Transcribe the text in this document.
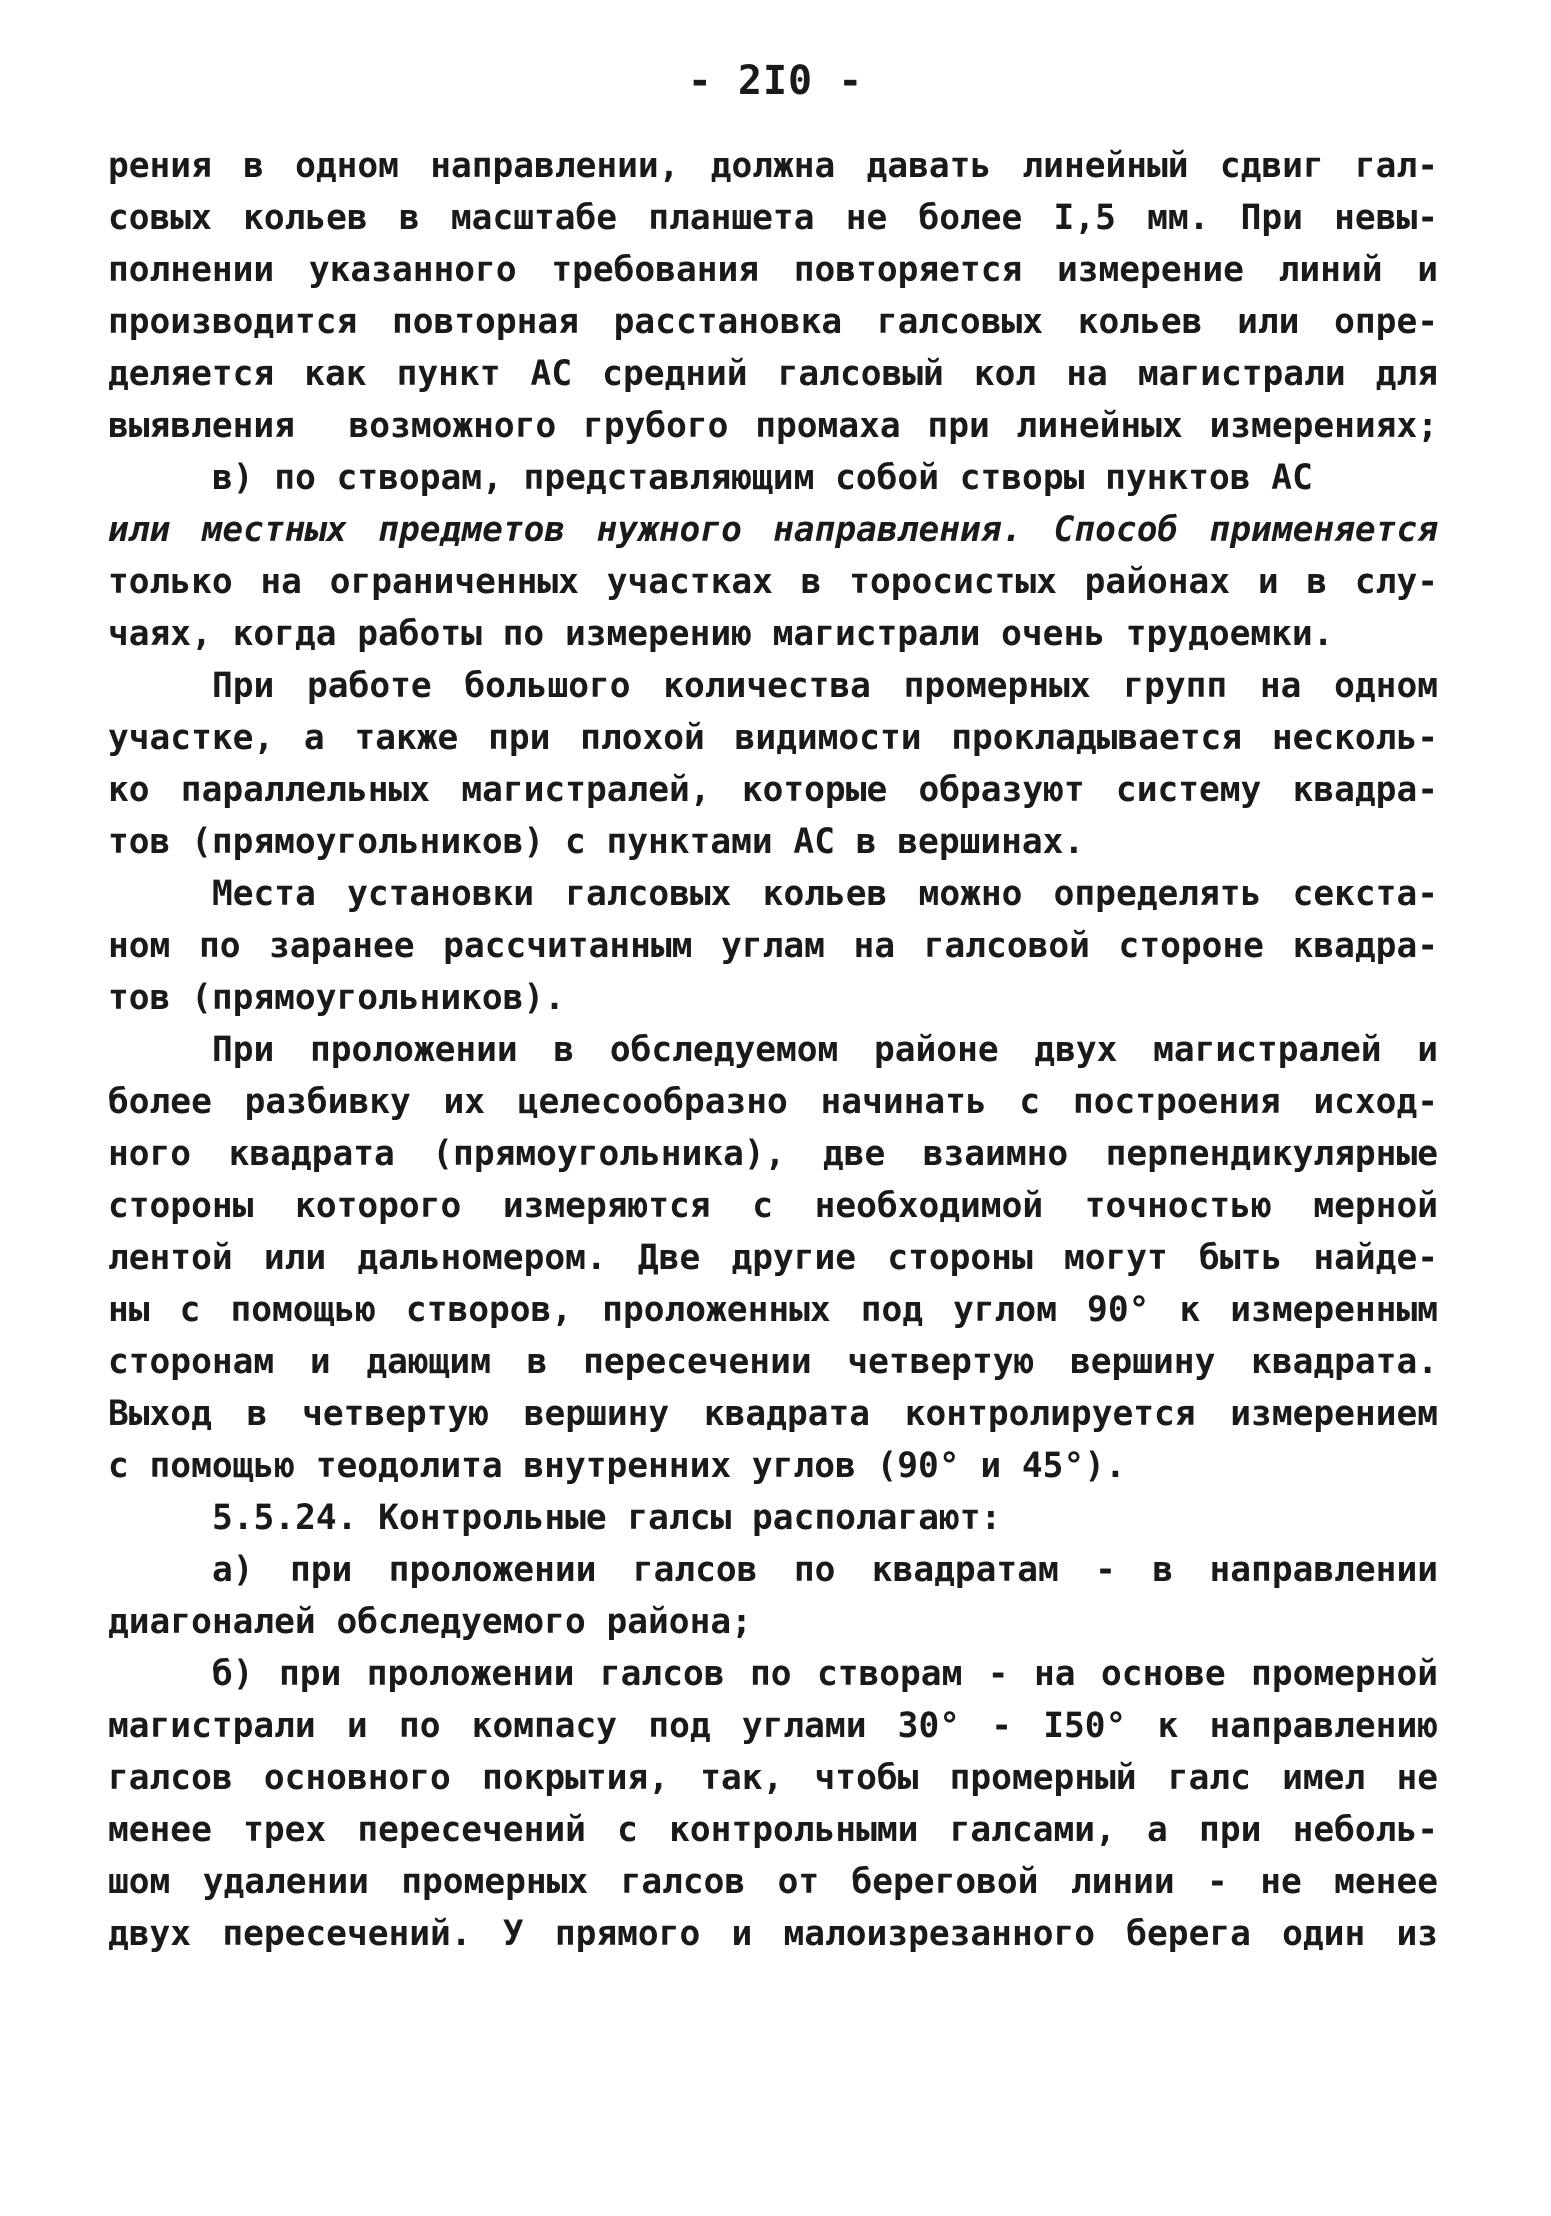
- 2I0 -
рения в одном направлении, должна давать линейный сдвиг гал-
совых кольев в масштабе планшета не более I,5 мм. При невы-
полнении указанного требования повторяется измерение линий и
производится повторная расстановка галсовых кольев или опре-
деляется как пункт АС средний галсовый кол на магистрали для
выявления  возможного грубого промаха при линейных измерениях;
в) по створам, представляющим собой створы пунктов АС
или местных предметов нужного направления. Способ применяется
только на ограниченных участках в торосистых районах и в слу-
чаях, когда работы по измерению магистрали очень трудоемки.
При работе большого количества промерных групп на одном
участке, а также при плохой видимости прокладывается несколь-
ко параллельных магистралей, которые образуют систему квадра-
тов (прямоугольников) с пунктами АС в вершинах.
Места установки галсовых кольев можно определять секста-
ном по заранее рассчитанным углам на галсовой стороне квадра-
тов (прямоугольников).
При проложении в обследуемом районе двух магистралей и
более разбивку их целесообразно начинать с построения исход-
ного квадрата (прямоугольника), две взаимно перпендикулярные
стороны которого измеряются с необходимой точностью мерной
лентой или дальномером. Две другие стороны могут быть найде-
ны с помощью створов, проложенных под углом 90° к измеренным
сторонам и дающим в пересечении четвертую вершину квадрата.
Выход в четвертую вершину квадрата контролируется измерением
с помощью теодолита внутренних углов (90° и 45°).
5.5.24. Контрольные галсы располагают:
а) при проложении галсов по квадратам - в направлении
диагоналей обследуемого района;
б) при проложении галсов по створам - на основе промерной
магистрали и по компасу под углами 30° - I50° к направлению
галсов основного покрытия, так, чтобы промерный галс имел не
менее трех пересечений с контрольными галсами, а при неболь-
шом удалении промерных галсов от береговой линии - не менее
двух пересечений. У прямого и малоизрезанного берега один из
